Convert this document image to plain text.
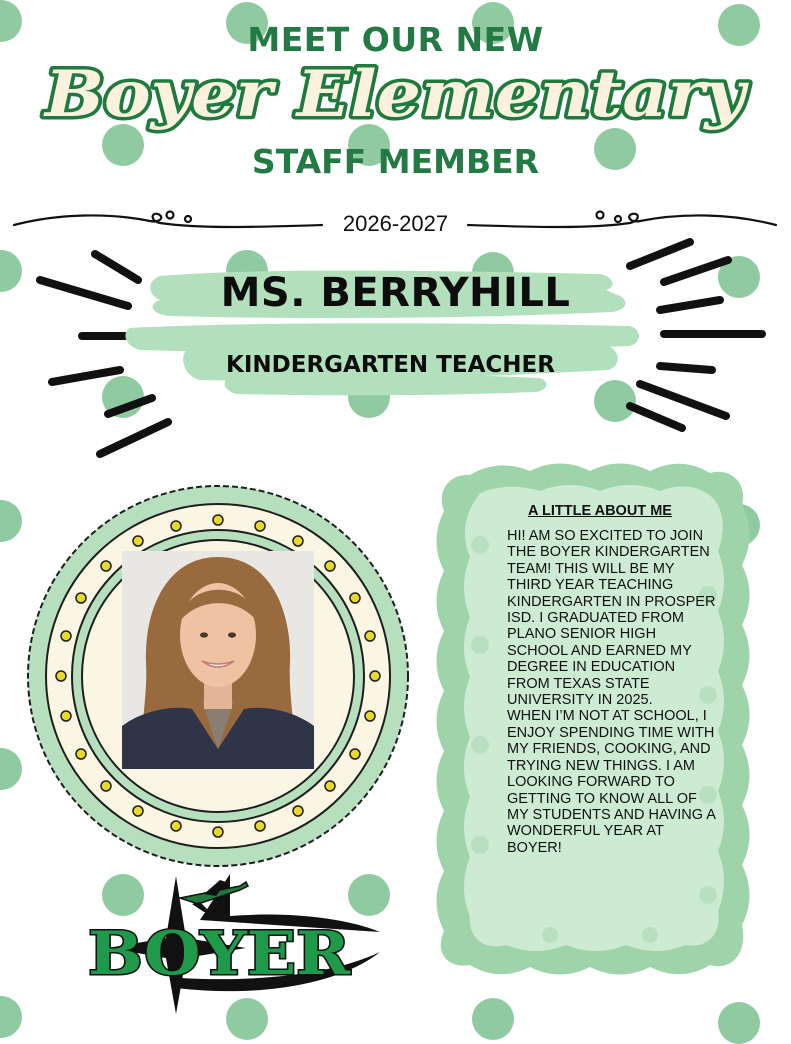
MEET OUR NEW
Boyer Elementary
STAFF MEMBER
2026-2027
MS. BERRYHILL
KINDERGARTEN TEACHER
A LITTLE ABOUT ME

HI! AM SO EXCITED TO JOIN THE BOYER KINDERGARTEN TEAM! THIS WILL BE MY THIRD YEAR TEACHING KINDERGARTEN IN PROSPER ISD. I GRADUATED FROM PLANO SENIOR HIGH SCHOOL AND EARNED MY DEGREE IN EDUCATION FROM TEXAS STATE UNIVERSITY IN 2025.

WHEN I’M NOT AT SCHOOL, I ENJOY SPENDING TIME WITH MY FRIENDS, COOKING, AND TRYING NEW THINGS. I AM LOOKING FORWARD TO GETTING TO KNOW ALL OF MY STUDENTS AND HAVING A WONDERFUL YEAR AT BOYER!

BOYER
